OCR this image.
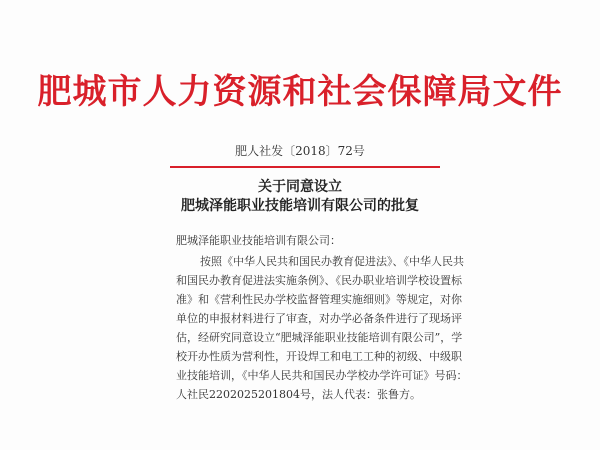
肥城市人力资源和社会保障局文件
肥人社发〔2018〕72号
关于同意设立
肥城泽能职业技能培训有限公司的批复
肥城泽能职业技能培训有限公司：
按照《中华人民共和国民办教育促进法》、《中华人民共
和国民办教育促进法实施条例》、《民办职业培训学校设置标
准》和《营利性民办学校监督管理实施细则》等规定，对你
单位的申报材料进行了审查，对办学必备条件进行了现场评
估，经研究同意设立“肥城泽能职业技能培训有限公司”，学
校开办性质为营利性，开设焊工和电工工种的初级、中级职
业技能培训，《中华人民共和国民办学校办学许可证》号码：
人社民2202025201804号，法人代表：张鲁方。
